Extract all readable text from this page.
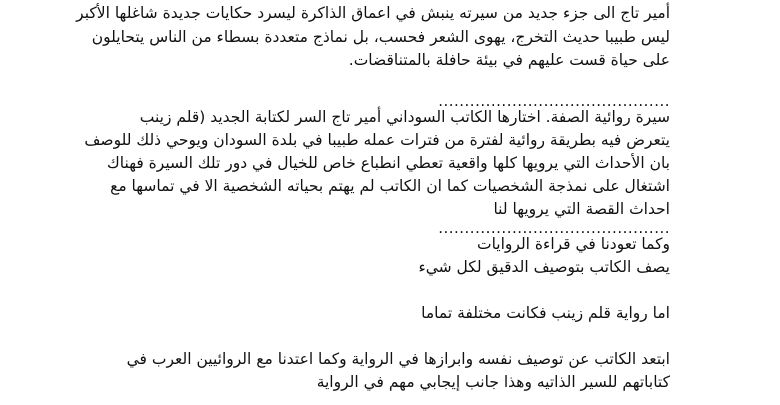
أمير تاج الى جزء جديد من سيرته ينبش في اعماق الذاكرة ليسرد حكايات جديدة شاغلها الأكبر
ليس طبيبا حديث التخرج، يهوى الشعر فحسب، بل نماذج متعددة بسطاء من الناس يتحايلون
على حياة قست عليهم في بيئة حافلة بالمتناقضات.
............................................
سيرة روائية الصفة. اختارها الكاتب السوداني أمير تاج السر لكتابة الجديد (قلم زينب
يتعرض فيه بطريقة روائية لفترة من فترات عمله طبيبا في بلدة السودان ويوحي ذلك للوصف
بان الأحداث التي يرويها كلها واقعية تعطي انطباع خاص للخيال في دور تلك السيرة فهناك
اشتغال على نمذجة الشخصيات كما ان الكاتب لم يهتم بحياته الشخصية الا في تماسها مع
احداث القصة التي يرويها لنا
............................................
وكما تعودنا في قراءة الروايات
يصف الكاتب بتوصيف الدقيق لكل شيء
اما رواية قلم زينب فكانت مختلفة تماما
ابتعد الكاتب عن توصيف نفسه وابرازها في الرواية وكما اعتدنا مع الروائيين العرب في
كتاباتهم للسير الذاتيه وهذا جانب إيجابي مهم في الرواية
